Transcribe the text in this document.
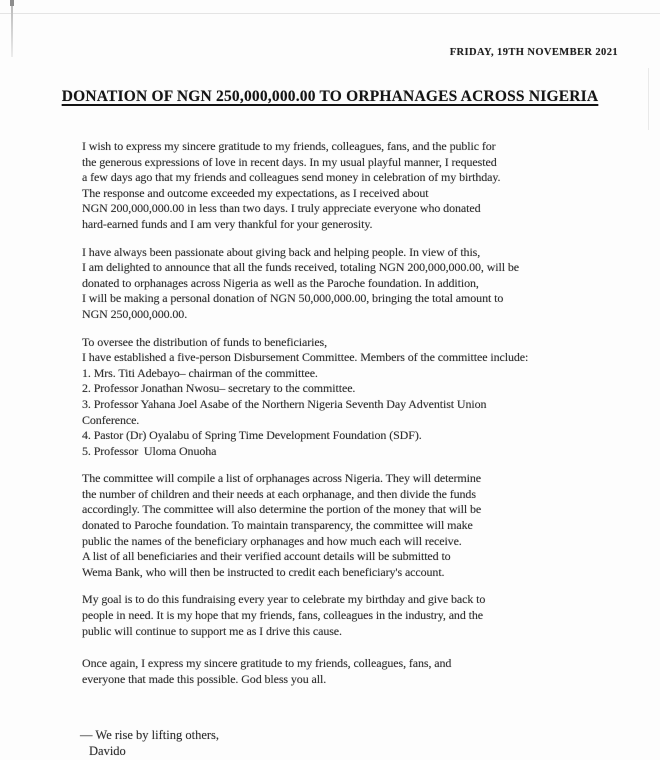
FRIDAY, 19TH NOVEMBER 2021
DONATION OF NGN 250,000,000.00 TO ORPHANAGES ACROSS NIGERIA
I wish to express my sincere gratitude to my friends, colleagues, fans, and the public for
the generous expressions of love in recent days. In my usual playful manner, I requested
a few days ago that my friends and colleagues send money in celebration of my birthday.
The response and outcome exceeded my expectations, as I received about
NGN 200,000,000.00 in less than two days. I truly appreciate everyone who donated
hard-earned funds and I am very thankful for your generosity.
I have always been passionate about giving back and helping people. In view of this,
I am delighted to announce that all the funds received, totaling NGN 200,000,000.00, will be
donated to orphanages across Nigeria as well as the Paroche foundation. In addition,
I will be making a personal donation of NGN 50,000,000.00, bringing the total amount to
NGN 250,000,000.00.
To oversee the distribution of funds to beneficiaries,
I have established a five-person Disbursement Committee. Members of the committee include:
1. Mrs. Titi Adebayo– chairman of the committee.
2. Professor Jonathan Nwosu– secretary to the committee.
3. Professor Yahana Joel Asabe of the Northern Nigeria Seventh Day Adventist Union
Conference.
4. Pastor (Dr) Oyalabu of Spring Time Development Foundation (SDF).
5. Professor  Uloma Onuoha
The committee will compile a list of orphanages across Nigeria. They will determine
the number of children and their needs at each orphanage, and then divide the funds
accordingly. The committee will also determine the portion of the money that will be
donated to Paroche foundation. To maintain transparency, the committee will make
public the names of the beneficiary orphanages and how much each will receive.
A list of all beneficiaries and their verified account details will be submitted to
Wema Bank, who will then be instructed to credit each beneficiary's account.
My goal is to do this fundraising every year to celebrate my birthday and give back to
people in need. It is my hope that my friends, fans, colleagues in the industry, and the
public will continue to support me as I drive this cause.
Once again, I express my sincere gratitude to my friends, colleagues, fans, and
everyone that made this possible. God bless you all.
— We rise by lifting others,
Davido
